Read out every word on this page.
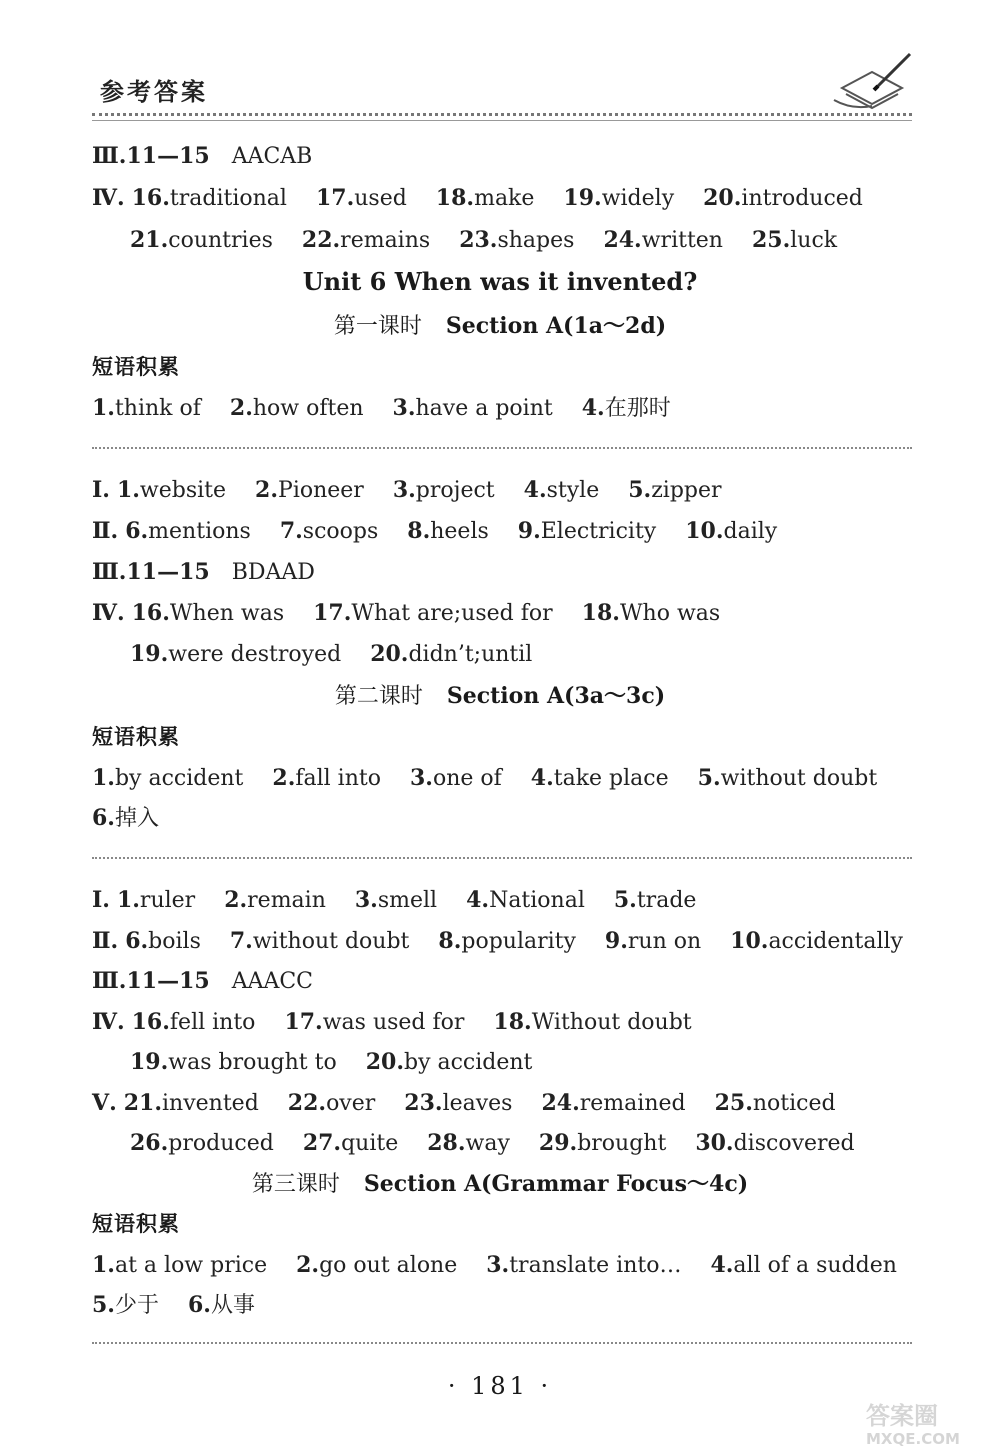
参考答案
Ⅲ.11—15 AACAB
Ⅳ. 16.traditional 17.used 18.make 19.widely 20.introduced
21.countries 22.remains 23.shapes 24.written 25.luck
Unit 6 When was it invented?
第一课时 Section A(1a～2d)
短语积累
1.think of 2.how often 3.have a point 4.在那时
Ⅰ. 1.website 2.Pioneer 3.project 4.style 5.zipper
Ⅱ. 6.mentions 7.scoops 8.heels 9.Electricity 10.daily
Ⅲ.11—15 BDAAD
Ⅳ. 16.When was 17.What are;used for 18.Who was
19.were destroyed 20.didn’t;until
第二课时 Section A(3a～3c)
短语积累
1.by accident 2.fall into 3.one of 4.take place 5.without doubt
6.掉入
Ⅰ. 1.ruler 2.remain 3.smell 4.National 5.trade
Ⅱ. 6.boils 7.without doubt 8.popularity 9.run on 10.accidentally
Ⅲ.11—15 AAACC
Ⅳ. 16.fell into 17.was used for 18.Without doubt
19.was brought to 20.by accident
Ⅴ. 21.invented 22.over 23.leaves 24.remained 25.noticed
26.produced 27.quite 28.way 29.brought 30.discovered
第三课时 Section A(Grammar Focus～4c)
短语积累
1.at a low price 2.go out alone 3.translate into… 4.all of a sudden
5.少于 6.从事
· 181 ·
答案圈
MXQE.COM
